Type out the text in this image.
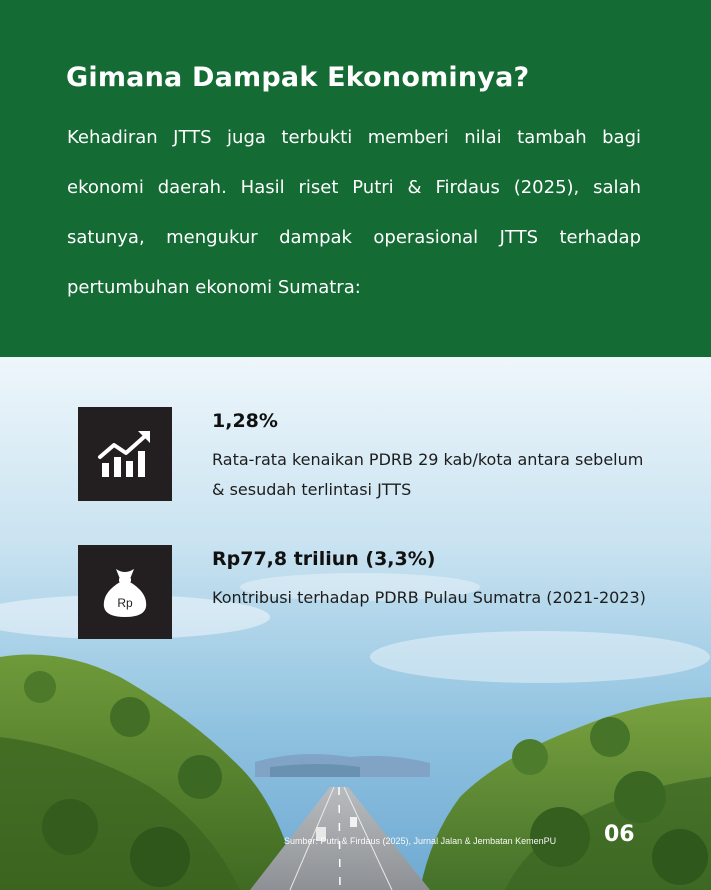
Gimana Dampak Ekonominya?

Kehadiran JTTS juga terbukti memberi nilai tambah bagi ekonomi daerah. Hasil riset Putri & Firdaus (2025), salah satunya, mengukur dampak operasional JTTS terhadap pertumbuhan ekonomi Sumatra:

1,28%

Rata-rata kenaikan PDRB 29 kab/kota antara sebelum & sesudah terlintasi JTTS

Rp

Rp77,8 triliun (3,3%)

Kontribusi terhadap PDRB Pulau Sumatra (2021-2023)

Sumber: Putri & Firdaus (2025), Jurnal Jalan & Jembatan KemenPU 06
